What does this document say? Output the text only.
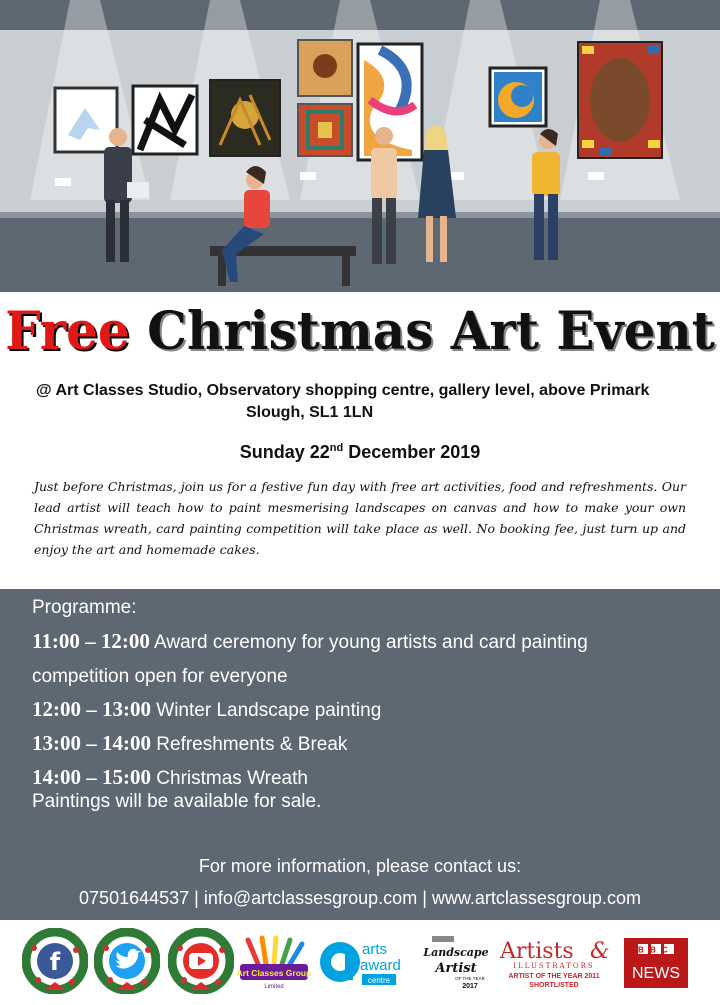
Free Christmas Art Event
@ Art Classes Studio, Observatory shopping centre, gallery level, above Primark
Slough, SL1 1LN
Sunday 22nd December 2019
Just before Christmas, join us for a festive fun day with free art activities, food and refreshments. Our lead artist will teach how to paint mesmerising landscapes on canvas and how to make your own Christmas wreath, card painting competition will take place as well. No booking fee, just turn up and enjoy the art and homemade cakes.
Programme:
11:00 – 12:00 Award ceremony for young artists and card painting
competition open for everyone
12:00 – 13:00 Winter Landscape painting
13:00 – 14:00 Refreshments & Break
14:00 – 15:00 Christmas Wreath
Paintings will be available for sale.
For more information, please contact us:
07501644537 | info@artclassesgroup.com | www.artclassesgroup.com
f	Art Classes Group
Limited
arts
award
centre
Landscape
Artist
OF THE YEAR
2017
Artists &
ILLUSTRATORS
ARTIST OF THE YEAR 2011
SHORTLISTED
BBC
NEWS
